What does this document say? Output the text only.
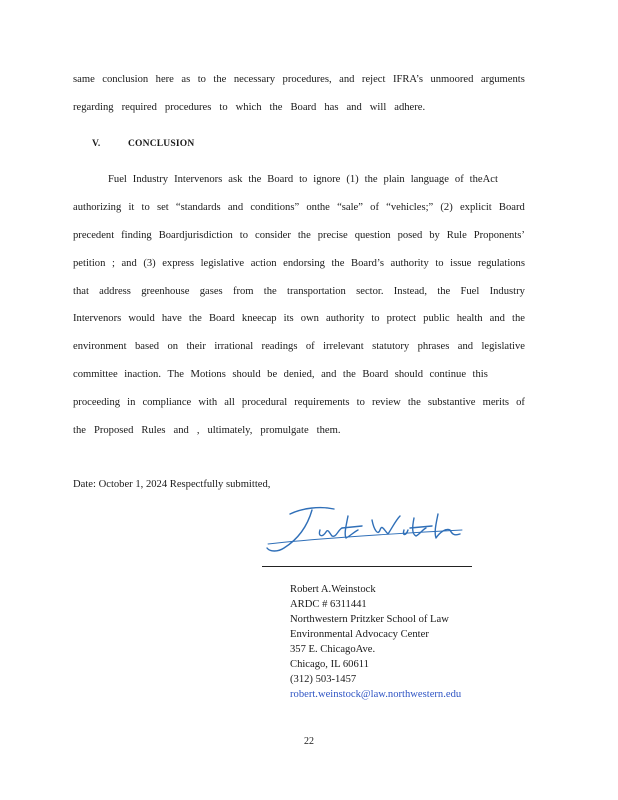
same conclusion here as to the necessary procedures, and reject IFRA’s unmoored arguments
regarding required procedures to which the Board has and will adhere.
V.	CONCLUSION
Fuel Industry Intervenors ask the Board to ignore (1) the plain language of theAct
authorizing it to set “standards and conditions” onthe “sale” of “vehicles;” (2) explicit Board
precedent finding Boardjurisdiction to consider the precise question posed by Rule Proponents’
petition ; and (3) express legislative action endorsing the Board’s authority to issue regulations
that address greenhouse gases from the transportation sector. Instead, the Fuel Industry
Intervenors would have the Board kneecap its own authority to protect public health and the
environment based on their irrational readings of irrelevant statutory phrases and legislative
committee inaction. The Motions should be denied, and the Board should continue this
proceeding in compliance with all procedural requirements to review the substantive merits of
the Proposed Rules and , ultimately, promulgate them.
Date: October 1, 2024 Respectfully submitted,
Robert A.Weinstock
ARDC # 6311441
Northwestern Pritzker School of Law
Environmental Advocacy Center
357 E. ChicagoAve.
Chicago, IL 60611
(312) 503-1457
robert.weinstock@law.northwestern.edu
22
